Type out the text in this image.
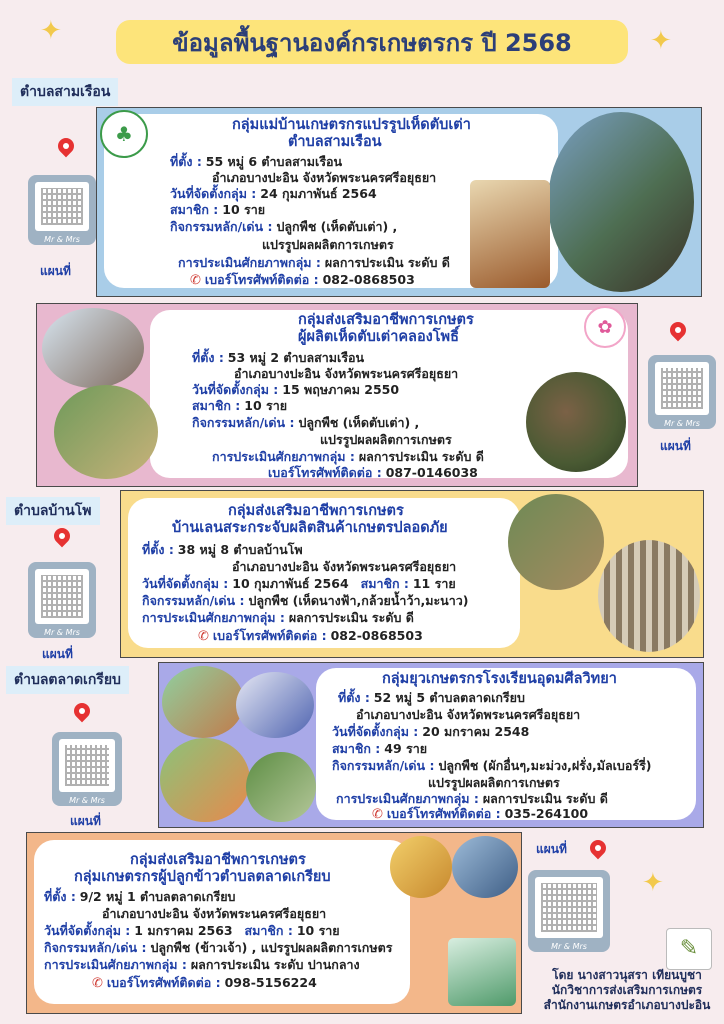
✦	✦
ข้อมูลพื้นฐานองค์กรเกษตรกร ปี 2568
ตำบลสามเรือน
♣	กลุ่มแม่บ้านเกษตรกรแปรรูปเห็ดตับเต่า
ตำบลสามเรือน
ที่ตั้ง : 55 หมู่ 6 ตำบลสามเรือน
อำเภอบางปะอิน จังหวัดพระนครศรีอยุธยา
วันที่จัดตั้งกลุ่ม : 24 กุมภาพันธ์ 2564
สมาชิก : 10 ราย
กิจกรรมหลัก/เด่น : ปลูกพืช (เห็ดตับเต่า) ,
แปรรูปผลผลิตการเกษตร
การประเมินศักยภาพกลุ่ม : ผลการประเมิน ระดับ ดี
✆ เบอร์โทรศัพท์ติดต่อ : 082-0868503
Mr & Mrs
แผนที่
✿
กลุ่มส่งเสริมอาชีพการเกษตร
ผู้ผลิตเห็ดตับเต่าคลองโพธิ์
ที่ตั้ง : 53 หมู่ 2 ตำบลสามเรือน
อำเภอบางปะอิน จังหวัดพระนครศรีอยุธยา
วันที่จัดตั้งกลุ่ม : 15 พฤษภาคม 2550
สมาชิก : 10 ราย
กิจกรรมหลัก/เด่น : ปลูกพืช (เห็ดตับเต่า) ,
แปรรูปผลผลิตการเกษตร
การประเมินศักยภาพกลุ่ม : ผลการประเมิน ระดับ ดี
เบอร์โทรศัพท์ติดต่อ : 087-0146038
Mr & Mrs
แผนที่
ตำบลบ้านโพ	กลุ่มส่งเสริมอาชีพการเกษตร
บ้านเลนสระกระจับผลิตสินค้าเกษตรปลอดภัย
ที่ตั้ง : 38 หมู่ 8 ตำบลบ้านโพ
อำเภอบางปะอิน จังหวัดพระนครศรีอยุธยา
วันที่จัดตั้งกลุ่ม : 10 กุมภาพันธ์ 2564 สมาชิก : 11 ราย
กิจกรรมหลัก/เด่น : ปลูกพืช (เห็ดนางฟ้า,กล้วยน้ำว้า,มะนาว)
การประเมินศักยภาพกลุ่ม : ผลการประเมิน ระดับ ดี
✆ เบอร์โทรศัพท์ติดต่อ : 082-0868503
Mr & Mrs
แผนที่
ตำบลตลาดเกรียบ	กลุ่มยุวเกษตรกรโรงเรียนอุดมศีลวิทยา
ที่ตั้ง : 52 หมู่ 5 ตำบลตลาดเกรียบ
อำเภอบางปะอิน จังหวัดพระนครศรีอยุธยา
วันที่จัดตั้งกลุ่ม : 20 มกราคม 2548
สมาชิก : 49 ราย
กิจกรรมหลัก/เด่น : ปลูกพืช (ผักอื่นๆ,มะม่วง,ฝรั่ง,มัลเบอร์รี่)
แปรรูปผลผลิตการเกษตร
การประเมินศักยภาพกลุ่ม : ผลการประเมิน ระดับ ดี
✆ เบอร์โทรศัพท์ติดต่อ : 035-264100
Mr & Mrs
แผนที่
กลุ่มส่งเสริมอาชีพการเกษตร
กลุ่มเกษตรกรผู้ปลูกข้าวตำบลตลาดเกรียบ
ที่ตั้ง : 9/2 หมู่ 1 ตำบลตลาดเกรียบ
อำเภอบางปะอิน จังหวัดพระนครศรีอยุธยา
วันที่จัดตั้งกลุ่ม : 1 มกราคม 2563 สมาชิก : 10 ราย
กิจกรรมหลัก/เด่น : ปลูกพืช (ข้าวเจ้า) , แปรรูปผลผลิตการเกษตร
การประเมินศักยภาพกลุ่ม : ผลการประเมิน ระดับ ปานกลาง
✆ เบอร์โทรศัพท์ติดต่อ : 098-5156224
แผนที่
Mr & Mrs
✦
✎
โดย นางสาวนุสรา เทียนบูชา
นักวิชาการส่งเสริมการเกษตร
สำนักงานเกษตรอำเภอบางปะอิน
